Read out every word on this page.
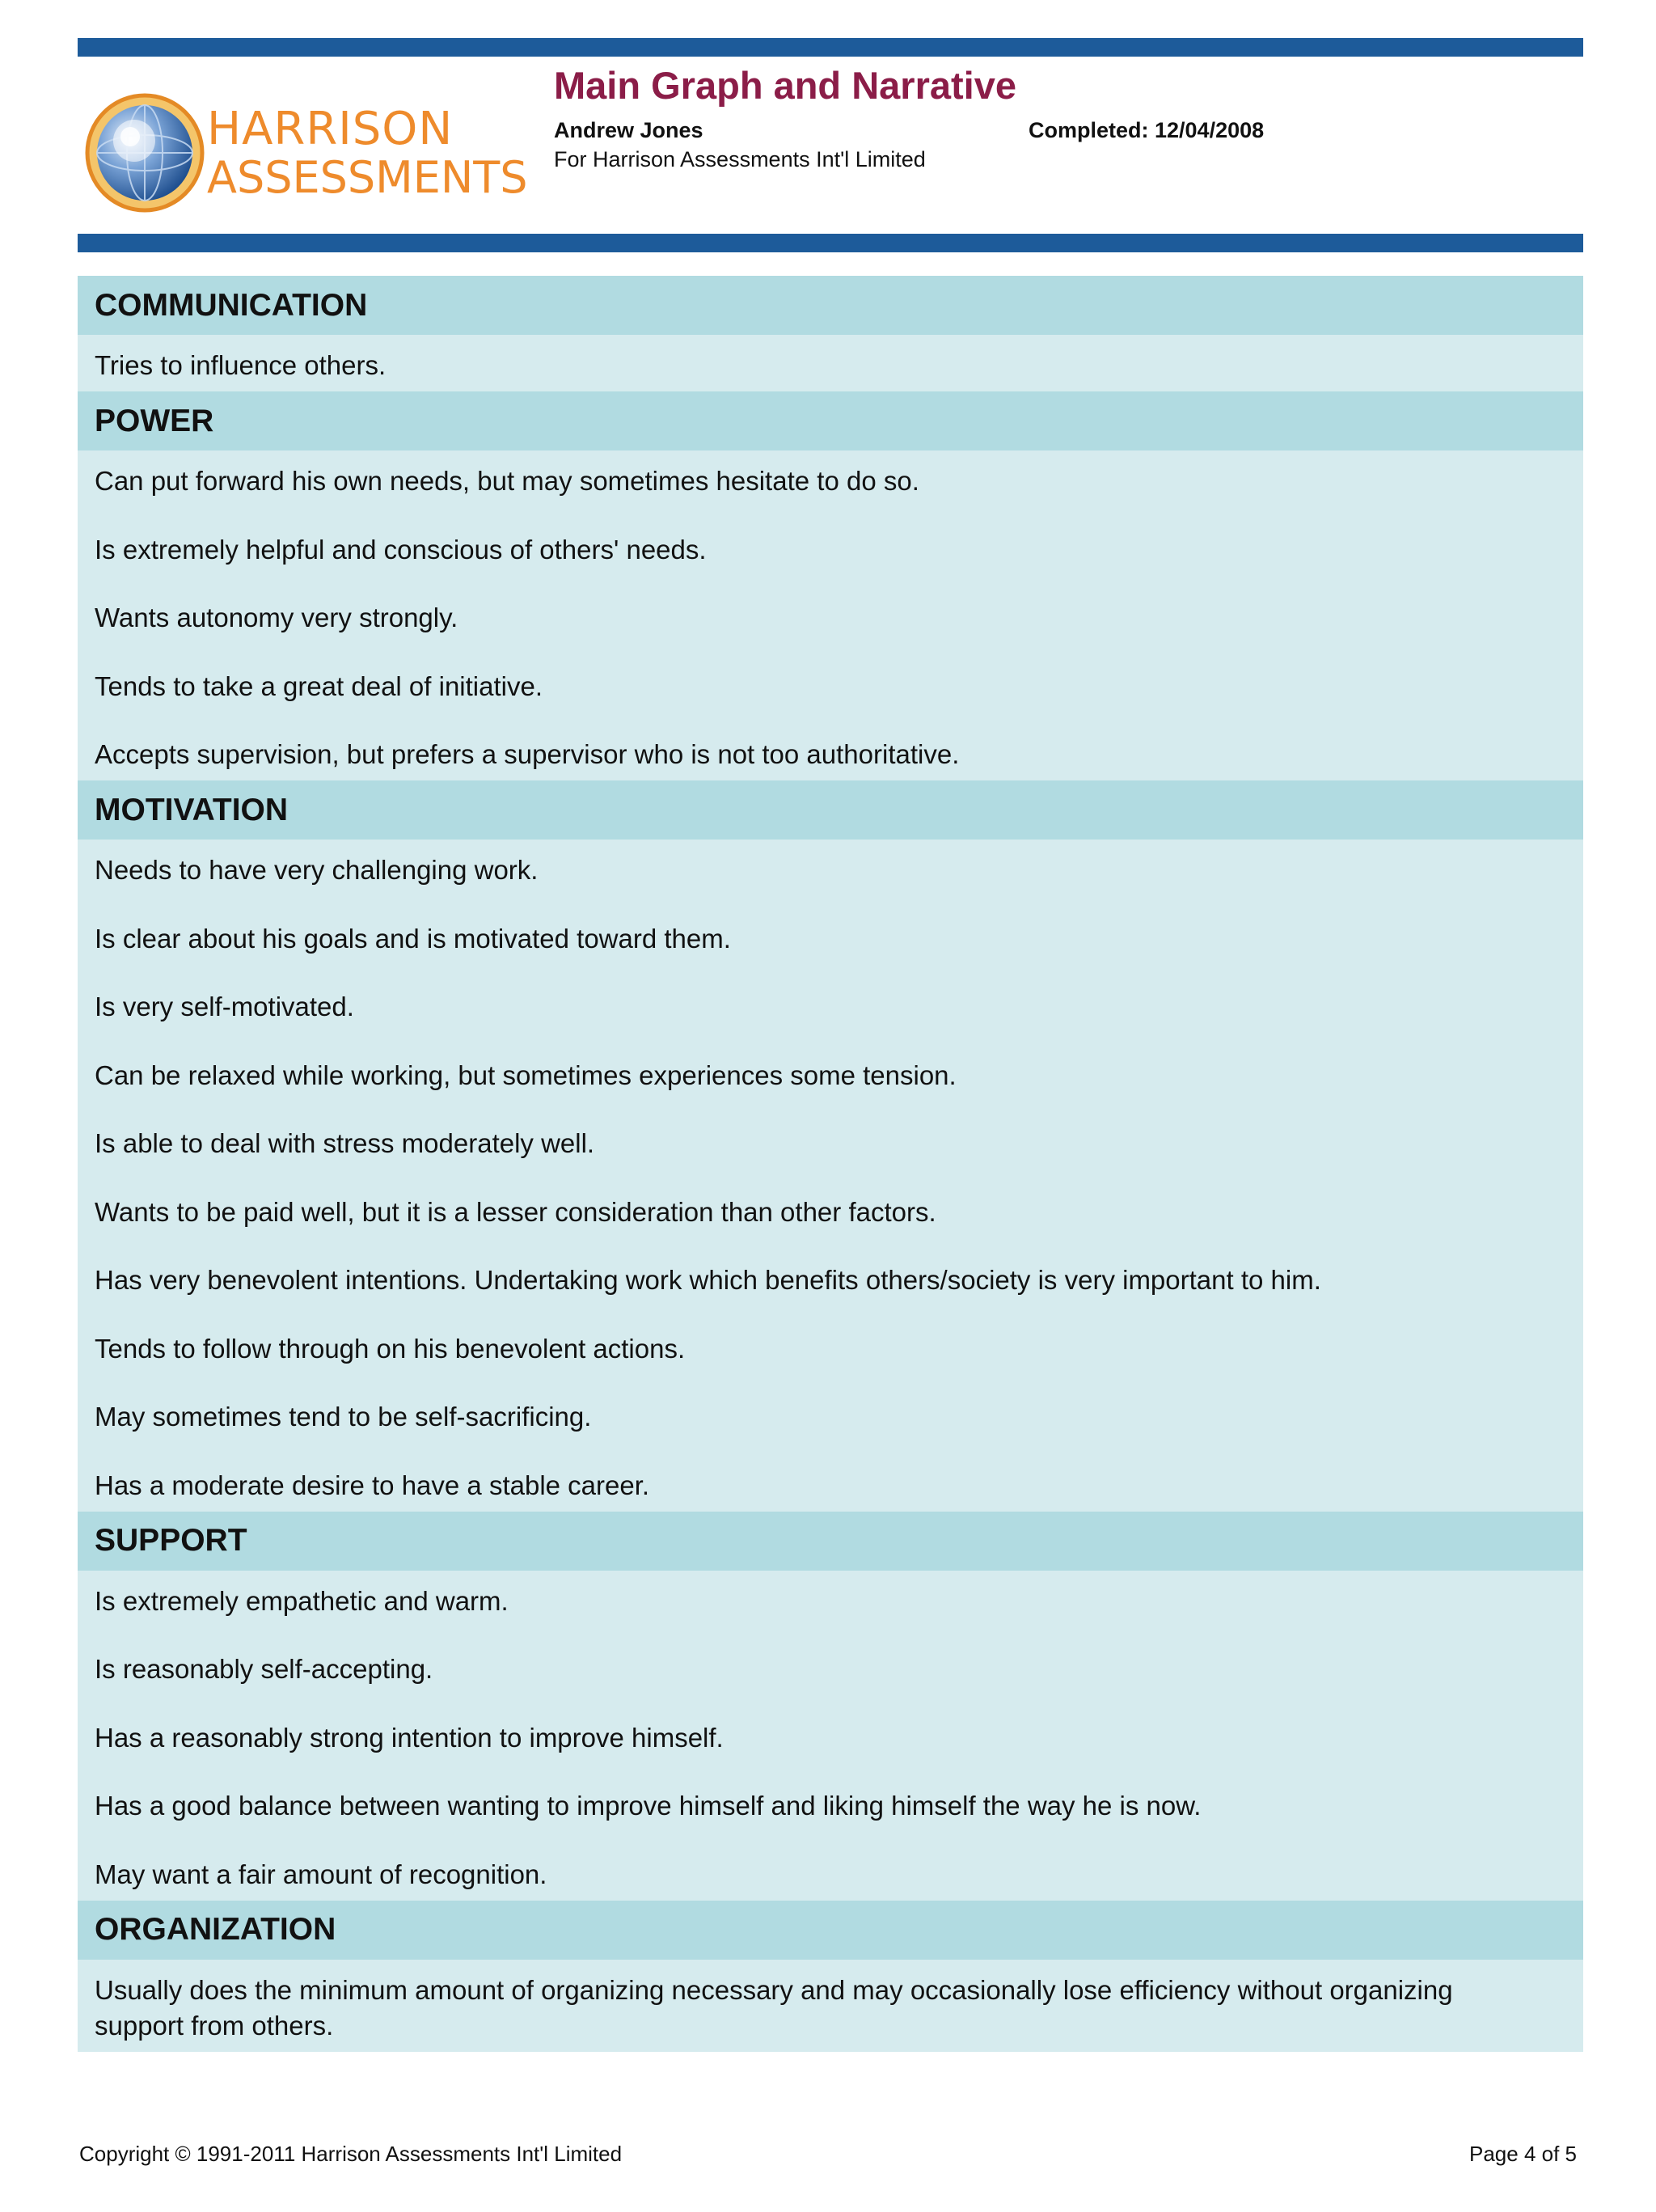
HARRISON
ASSESSMENTS
Main Graph and Narrative
Andrew Jones	Completed: 12/04/2008
For Harrison Assessments Int'l Limited
COMMUNICATION
Tries to influence others.
POWER
Can put forward his own needs, but may sometimes hesitate to do so.
Is extremely helpful and conscious of others' needs.
Wants autonomy very strongly.
Tends to take a great deal of initiative.
Accepts supervision, but prefers a supervisor who is not too authoritative.
MOTIVATION
Needs to have very challenging work.
Is clear about his goals and is motivated toward them.
Is very self-motivated.
Can be relaxed while working, but sometimes experiences some tension.
Is able to deal with stress moderately well.
Wants to be paid well, but it is a lesser consideration than other factors.
Has very benevolent intentions. Undertaking work which benefits others/society is very important to him.
Tends to follow through on his benevolent actions.
May sometimes tend to be self-sacrificing.
Has a moderate desire to have a stable career.
SUPPORT
Is extremely empathetic and warm.
Is reasonably self-accepting.
Has a reasonably strong intention to improve himself.
Has a good balance between wanting to improve himself and liking himself the way he is now.
May want a fair amount of recognition.
ORGANIZATION
Usually does the minimum amount of organizing necessary and may occasionally lose efficiency without organizing support from others.
Copyright © 1991-2011 Harrison Assessments Int'l Limited	Page 4 of 5
